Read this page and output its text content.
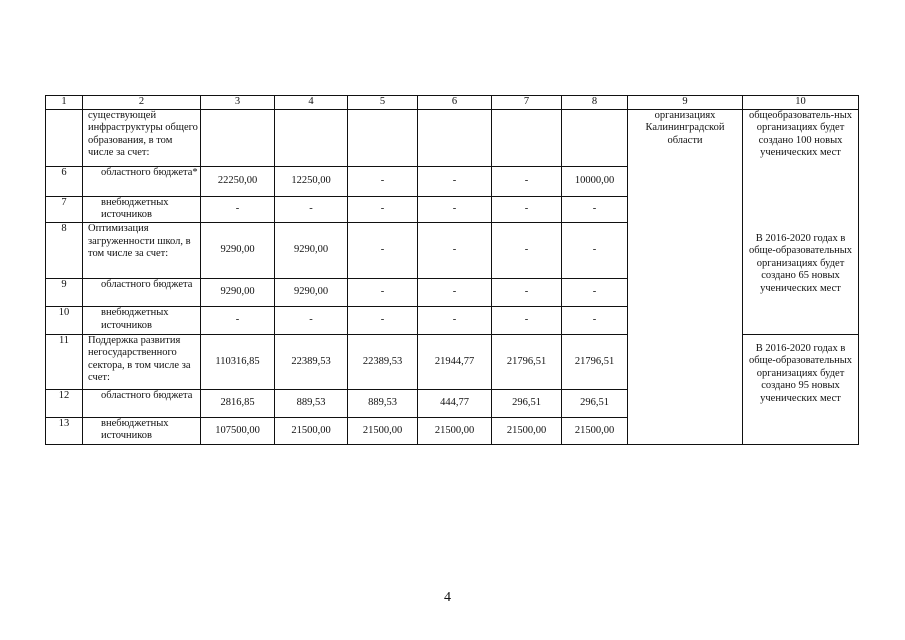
1	2	3	4	5	6	7	8	9	10
	существующей инфраструктуры общего образования, в том числе за счет:							организациях Калининградской области	общеобразователь-ных организациях будет создано 100 новых ученических мест
6	областного бюджета*	22250,00	12250,00	-	-	-	10000,00		
7	внебюджетных источников	-	-	-	-	-	-		
8	Оптимизация загруженности школ, в том числе за счет:	9290,00	9290,00	-	-	-	-		В 2016-2020 годах в обще-образовательных организациях будет создано 65 новых ученических мест
9	областного бюджета	9290,00	9290,00	-	-	-	-		
10	внебюджетных источников	-	-	-	-	-	-		
11	Поддержка развития негосударственного сектора, в том числе за счет:	110316,85	22389,53	22389,53	21944,77	21796,51	21796,51		В 2016-2020 годах в обще-образовательных организациях будет создано 95 новых ученических мест
12	областного бюджета	2816,85	889,53	889,53	444,77	296,51	296,51		
13	внебюджетных источников	107500,00	21500,00	21500,00	21500,00	21500,00	21500,00		
4
